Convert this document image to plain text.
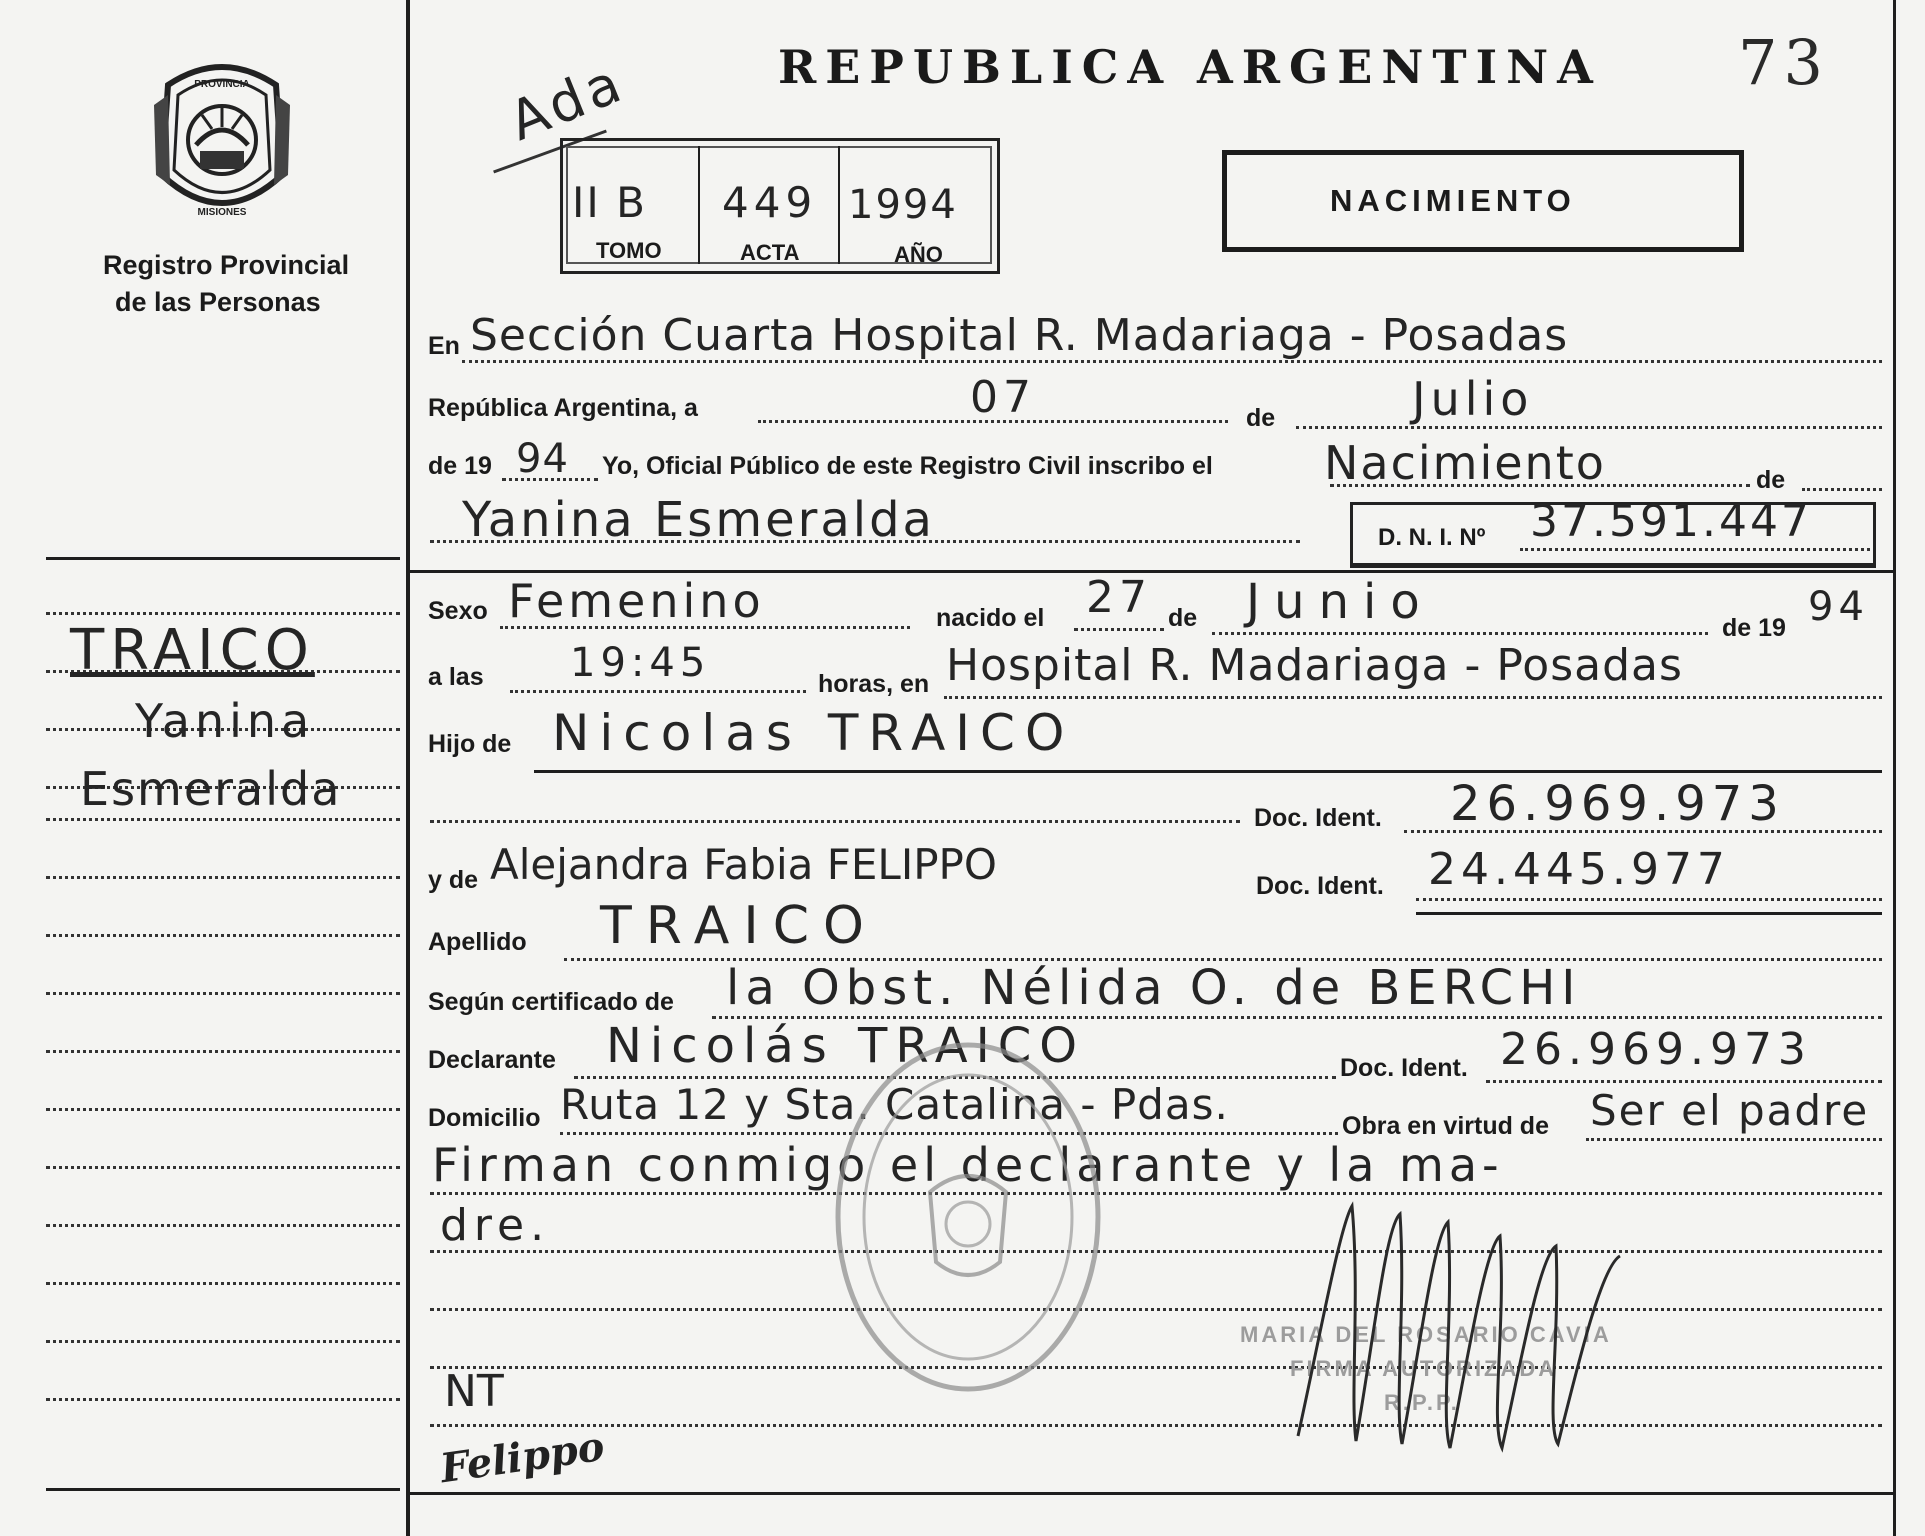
PROVINCIA
MISIONES
Registro Provincial
de las Personas
TRAICO
Yanina
Esmeralda
REPUBLICA ARGENTINA 73
Ada
II B 449 1994
TOMO	ACTA	AÑO
NACIMIENTO
En Sección Cuarta Hospital R. Madariaga - Posadas
República Argentina, a	07	de	Julio
de 19 94 Yo, Oficial Público de este Registro Civil inscribo el Nacimiento	de
Yanina Esmeralda	D. N. I. Nº 37.591.447
Sexo Femenino	nacido el 27 de Junio	de 19 94
a las 19:45	horas, en Hospital R. Madariaga - Posadas
Hijo de Nicolas TRAICO
Doc. Ident. 26.969.973
y de Alejandra Fabia FELIPPO	Doc. Ident. 24.445.977
Apellido TRAICO
Según certificado de la Obst. Nélida O. de BERCHI
Declarante Nicolás TRAICO	Doc. Ident. 26.969.973
Domicilio Ruta 12 y Sta. Catalina - Pdas.	Obra en virtud de Ser el padre
Firman conmigo el declarante y la ma-
dre.
MARIA DEL ROSARIO CAVIA
FIRMA AUTORIZADA
R.P.P.
NT
Felippo
